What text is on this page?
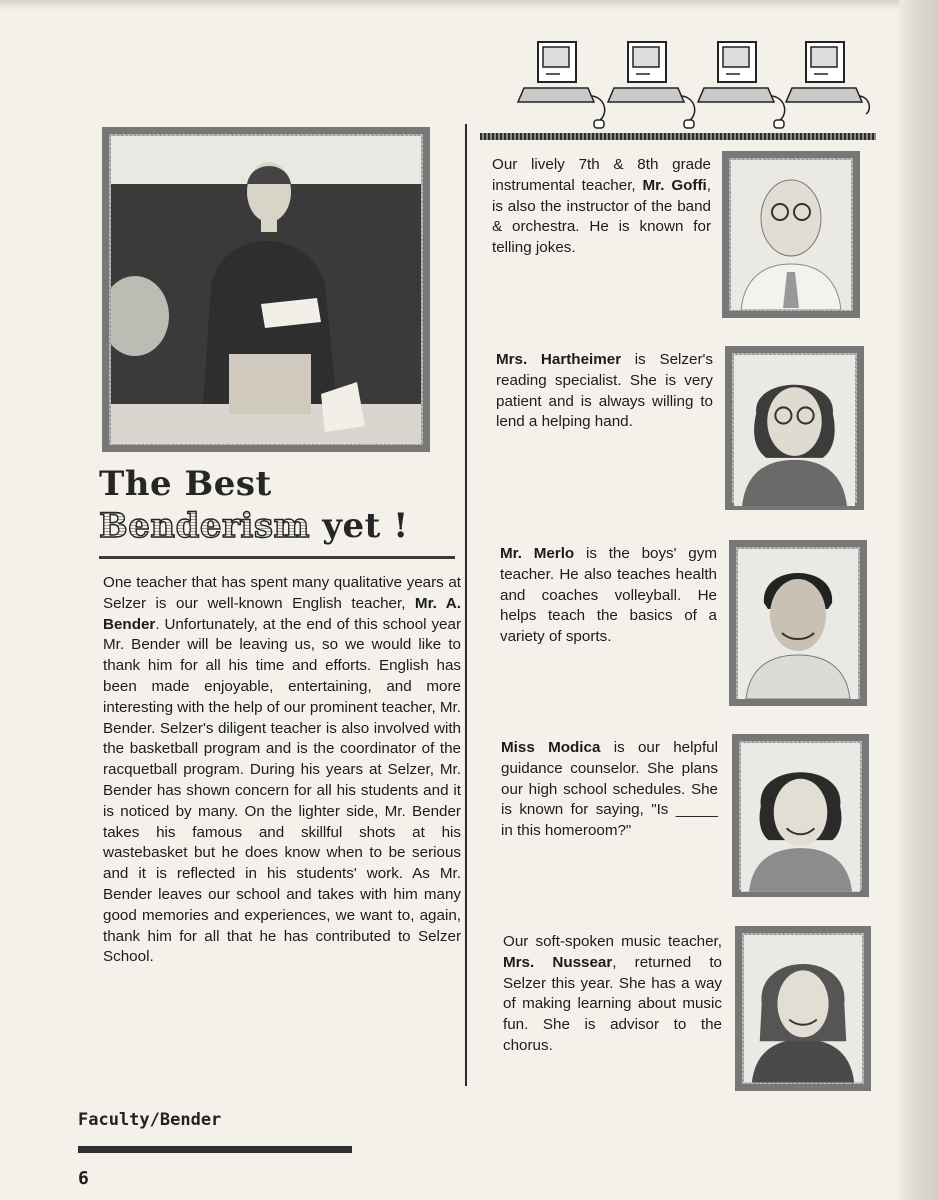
The Best
Benderism yet !
One teacher that has spent many qualitative years at Selzer is our well-known English teacher, Mr. A. Bender. Unfortunately, at the end of this school year Mr. Bender will be leaving us, so we would like to thank him for all his time and efforts. English has been made enjoyable, entertaining, and more interesting with the help of our prominent teacher, Mr. Bender. Selzer's diligent teacher is also involved with the basketball program and is the coordinator of the racquetball program. During his years at Selzer, Mr. Bender has shown concern for all his students and it is noticed by many. On the lighter side, Mr. Bender takes his famous and skillful shots at his wastebasket but he does know when to be serious and it is reflected in his students' work. As Mr. Bender leaves our school and takes with him many good memories and experiences, we want to, again, thank him for all that he has contributed to Selzer School.
Our lively 7th & 8th grade instrumental teacher, Mr. Goffi, is also the instructor of the band & orchestra. He is known for telling jokes.
Mrs. Hartheimer is Selzer's reading specialist. She is very patient and is always willing to lend a helping hand.
Mr. Merlo is the boys' gym teacher. He also teaches health and coaches volleyball. He helps teach the basics of a variety of sports.
Miss Modica is our helpful guidance counselor. She plans our high school schedules. She is known for saying, "Is _____ in this homeroom?"
Our soft-spoken music teacher, Mrs. Nussear, returned to Selzer this year. She has a way of making learning about music fun. She is advisor to the chorus.
Faculty/Bender
6
